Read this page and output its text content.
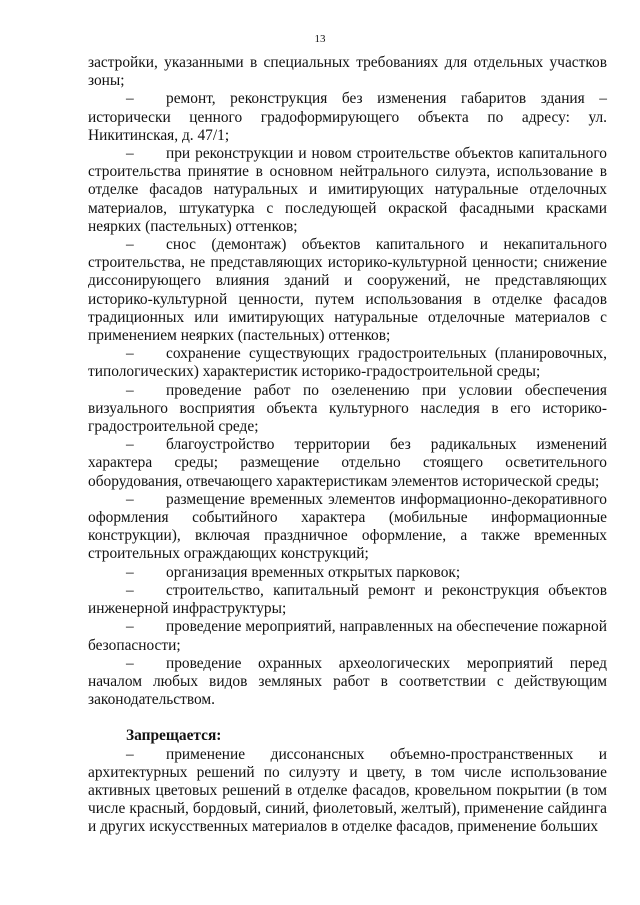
13

застройки, указанными в специальных требованиях для отдельных участков зоны;

– ремонт, реконструкция без изменения габаритов здания – исторически ценного градоформирующего объекта по адресу: ул. Никитинская, д. 47/1;

– при реконструкции и новом строительстве объектов капитального строительства принятие в основном нейтрального силуэта, использование в отделке фасадов натуральных и имитирующих натуральные отделочных материалов, штукатурка с последующей окраской фасадными красками неярких (пастельных) оттенков;

– снос (демонтаж) объектов капитального и некапитального строительства, не представляющих историко-культурной ценности; снижение диссонирующего влияния зданий и сооружений, не представляющих историко-культурной ценности, путем использования в отделке фасадов традиционных или имитирующих натуральные отделочные материалов с применением неярких (пастельных) оттенков;

– сохранение существующих градостроительных (планировочных, типологических) характеристик историко-градостроительной среды;

– проведение работ по озеленению при условии обеспечения визуального восприятия объекта культурного наследия в его историко-градостроительной среде;

– благоустройство территории без радикальных изменений характера среды; размещение отдельно стоящего осветительного оборудования, отвечающего характеристикам элементов исторической среды;

– размещение временных элементов информационно-декоративного оформления событийного характера (мобильные информационные конструкции), включая праздничное оформление, а также временных строительных ограждающих конструкций;

– организация временных открытых парковок;

– строительство, капитальный ремонт и реконструкция объектов инженерной инфраструктуры;

– проведение мероприятий, направленных на обеспечение пожарной безопасности;

– проведение охранных археологических мероприятий перед началом любых видов земляных работ в соответствии с действующим законодательством.

Запрещается:

– применение диссонансных объемно-пространственных и архитектурных решений по силуэту и цвету, в том числе использование активных цветовых решений в отделке фасадов, кровельном покрытии (в том числе красный, бордовый, синий, фиолетовый, желтый), применение сайдинга и других искусственных материалов в отделке фасадов, применение больших
